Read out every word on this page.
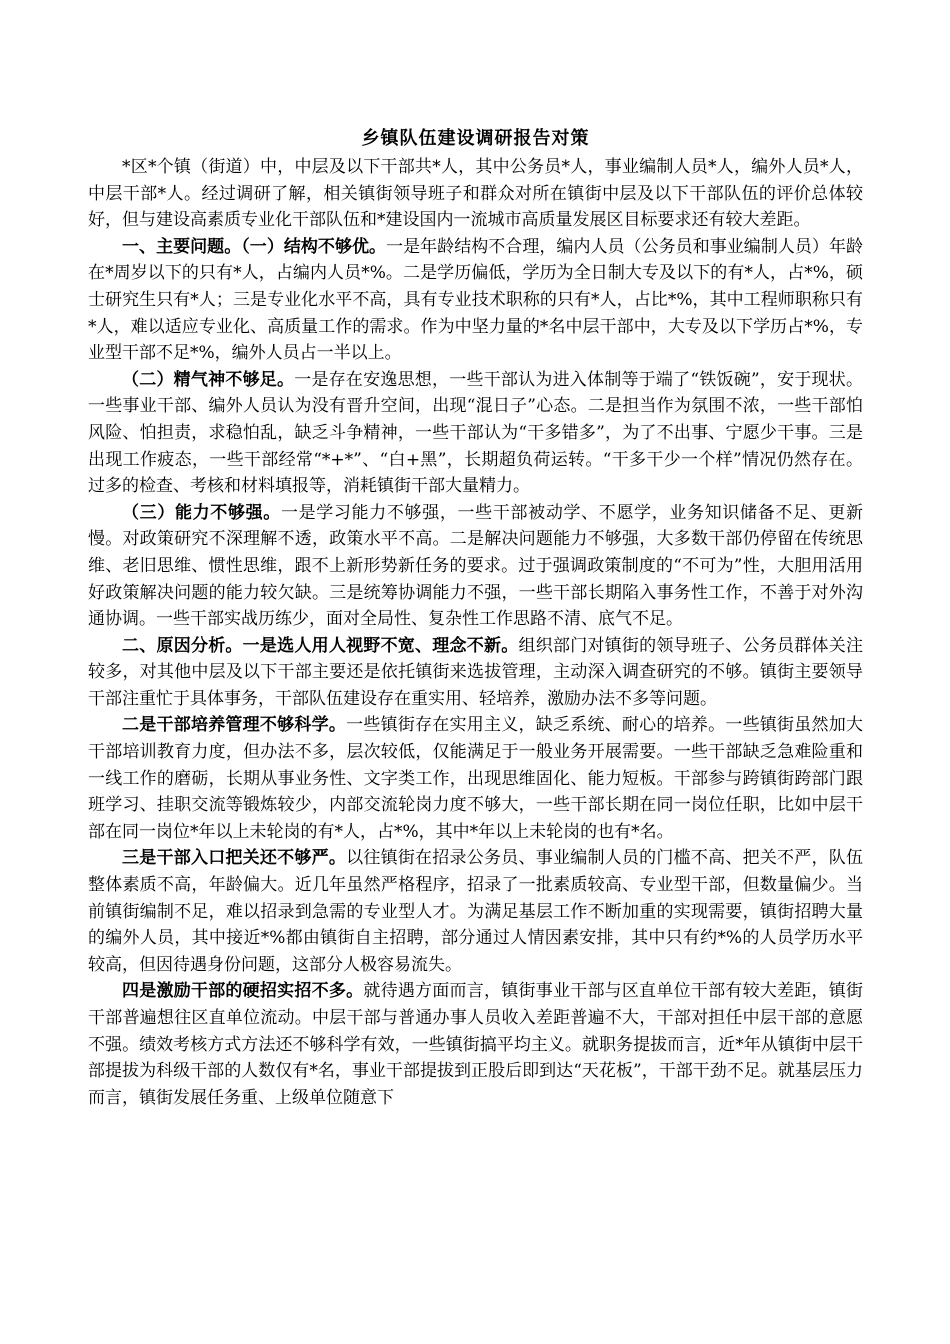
乡镇队伍建设调研报告对策

*区*个镇（街道）中，中层及以下干部共*人，其中公务员*人，事业编制人员*人，编外人员*人，中层干部*人。经过调研了解，相关镇街领导班子和群众对所在镇街中层及以下干部队伍的评价总体较好，但与建设高素质专业化干部队伍和*建设国内一流城市高质量发展区目标要求还有较大差距。

一、主要问题。（一）结构不够优。一是年龄结构不合理，编内人员（公务员和事业编制人员）年龄在*周岁以下的只有*人，占编内人员*%。二是学历偏低，学历为全日制大专及以下的有*人，占*%，硕士研究生只有*人；三是专业化水平不高，具有专业技术职称的只有*人，占比*%，其中工程师职称只有*人，难以适应专业化、高质量工作的需求。作为中坚力量的*名中层干部中，大专及以下学历占*%，专业型干部不足*%，编外人员占一半以上。

（二）精气神不够足。一是存在安逸思想，一些干部认为进入体制等于端了“铁饭碗”，安于现状。一些事业干部、编外人员认为没有晋升空间，出现“混日子”心态。二是担当作为氛围不浓，一些干部怕风险、怕担责，求稳怕乱，缺乏斗争精神，一些干部认为“干多错多”，为了不出事、宁愿少干事。三是出现工作疲态，一些干部经常“*+*”、“白+黑”，长期超负荷运转。“干多干少一个样”情况仍然存在。过多的检查、考核和材料填报等，消耗镇街干部大量精力。

（三）能力不够强。一是学习能力不够强，一些干部被动学、不愿学，业务知识储备不足、更新慢。对政策研究不深理解不透，政策水平不高。二是解决问题能力不够强，大多数干部仍停留在传统思维、老旧思维、惯性思维，跟不上新形势新任务的要求。过于强调政策制度的“不可为”性，大胆用活用好政策解决问题的能力较欠缺。三是统筹协调能力不强，一些干部长期陷入事务性工作，不善于对外沟通协调。一些干部实战历练少，面对全局性、复杂性工作思路不清、底气不足。

二、原因分析。一是选人用人视野不宽、理念不新。组织部门对镇街的领导班子、公务员群体关注较多，对其他中层及以下干部主要还是依托镇街来选拔管理，主动深入调查研究的不够。镇街主要领导干部注重忙于具体事务，干部队伍建设存在重实用、轻培养，激励办法不多等问题。

二是干部培养管理不够科学。一些镇街存在实用主义，缺乏系统、耐心的培养。一些镇街虽然加大干部培训教育力度，但办法不多，层次较低，仅能满足于一般业务开展需要。一些干部缺乏急难险重和一线工作的磨砺，长期从事业务性、文字类工作，出现思维固化、能力短板。干部参与跨镇街跨部门跟班学习、挂职交流等锻炼较少，内部交流轮岗力度不够大，一些干部长期在同一岗位任职，比如中层干部在同一岗位*年以上未轮岗的有*人，占*%，其中*年以上未轮岗的也有*名。

三是干部入口把关还不够严。以往镇街在招录公务员、事业编制人员的门槛不高、把关不严，队伍整体素质不高，年龄偏大。近几年虽然严格程序，招录了一批素质较高、专业型干部，但数量偏少。当前镇街编制不足，难以招录到急需的专业型人才。为满足基层工作不断加重的实现需要，镇街招聘大量的编外人员，其中接近*%都由镇街自主招聘，部分通过人情因素安排，其中只有约*%的人员学历水平较高，但因待遇身份问题，这部分人极容易流失。

四是激励干部的硬招实招不多。就待遇方面而言，镇街事业干部与区直单位干部有较大差距，镇街干部普遍想往区直单位流动。中层干部与普通办事人员收入差距普遍不大，干部对担任中层干部的意愿不强。绩效考核方式方法还不够科学有效，一些镇街搞平均主义。就职务提拔而言，近*年从镇街中层干部提拔为科级干部的人数仅有*名，事业干部提拔到正股后即到达“天花板”，干部干劲不足。就基层压力而言，镇街发展任务重、上级单位随意下
